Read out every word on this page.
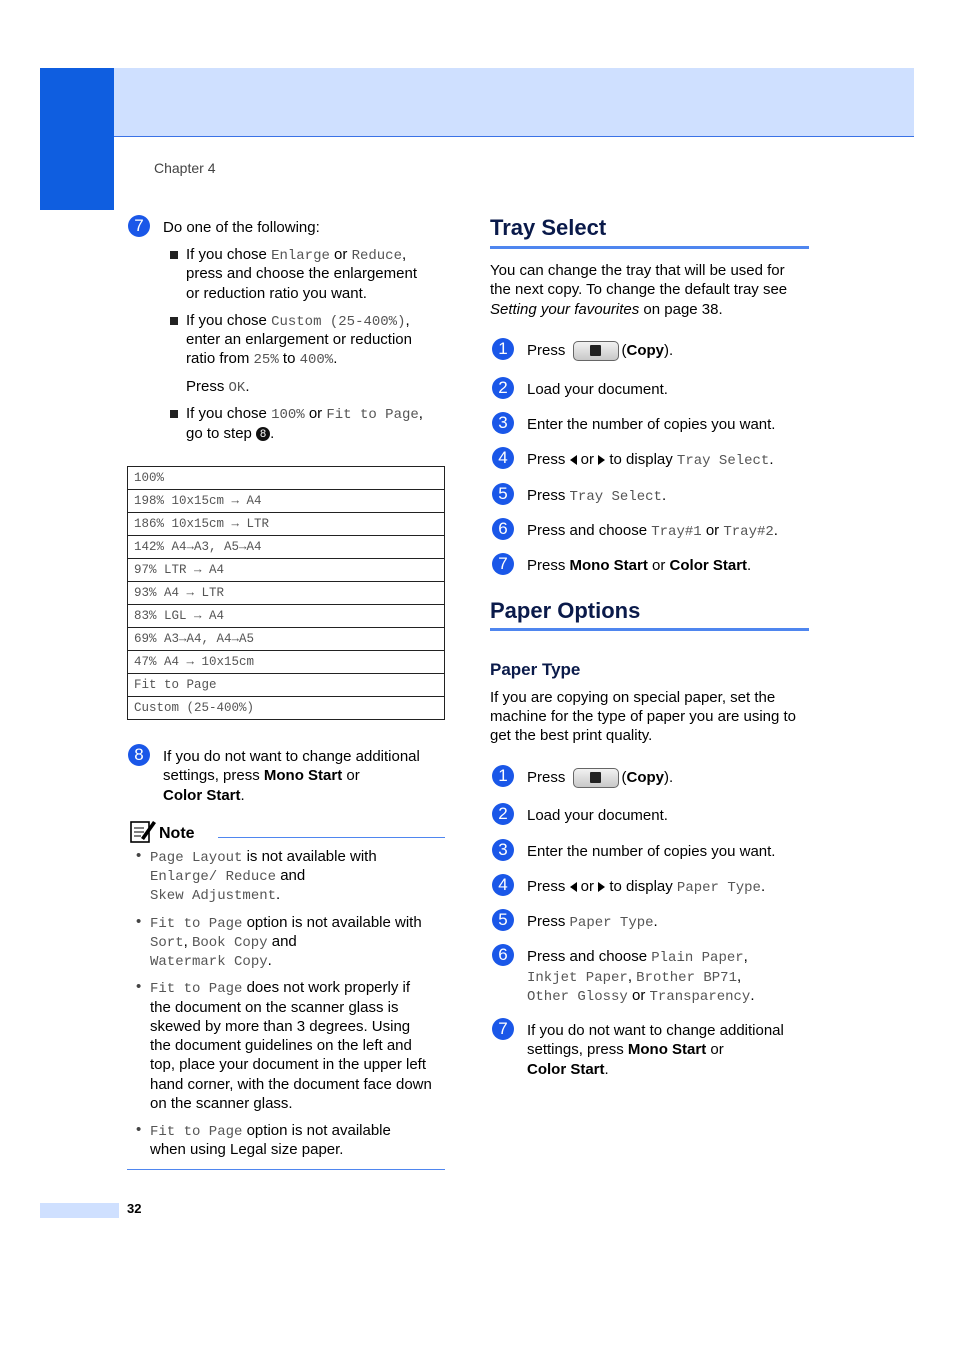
Chapter 4
7	Do one of the following:
If you chose Enlarge or Reduce,
press and choose the enlargement
or reduction ratio you want.
If you chose Custom (25-400%),
enter an enlargement or reduction
ratio from 25% to 400%.
Press OK.
If you chose 100% or Fit to Page,
go to step 8 .
100%
198% 10x15cm → A4
186% 10x15cm → LTR
142% A4→A3, A5→A4
97% LTR → A4
93% A4 → LTR
83% LGL → A4
69% A3→A4, A4→A5
47% A4 → 10x15cm
Fit to Page
Custom (25-400%)
8	If you do not want to change additional
settings, press Mono Start or
Color Start.
Note
• Page Layout is not available with
Enlarge/ Reduce and
Skew Adjustment.
• Fit to Page option is not available with
Sort, Book Copy and
Watermark Copy.
• Fit to Page does not work properly if
the document on the scanner glass is
skewed by more than 3 degrees. Using
the document guidelines on the left and
top, place your document in the upper left
hand corner, with the document face down
on the scanner glass.
• Fit to Page option is not available
when using Legal size paper.
Tray Select
You can change the tray that will be used for
the next copy. To change the default tray see
Setting your favourites on page 38.
1	Press	(Copy).
2	Load your document.
3	Enter the number of copies you want.
4	Press  or  to display Tray Select.
5	Press Tray Select.
6	Press and choose Tray#1 or Tray#2.
7	Press Mono Start or Color Start.
Paper Options
Paper Type
If you are copying on special paper, set the
machine for the type of paper you are using to
get the best print quality.
1	Press	(Copy).
2	Load your document.
3	Enter the number of copies you want.
4	Press  or  to display Paper Type.
5	Press Paper Type.
6	Press and choose Plain Paper,
Inkjet Paper, Brother BP71,
Other Glossy or Transparency.
7	If you do not want to change additional
settings, press Mono Start or
Color Start.
32
